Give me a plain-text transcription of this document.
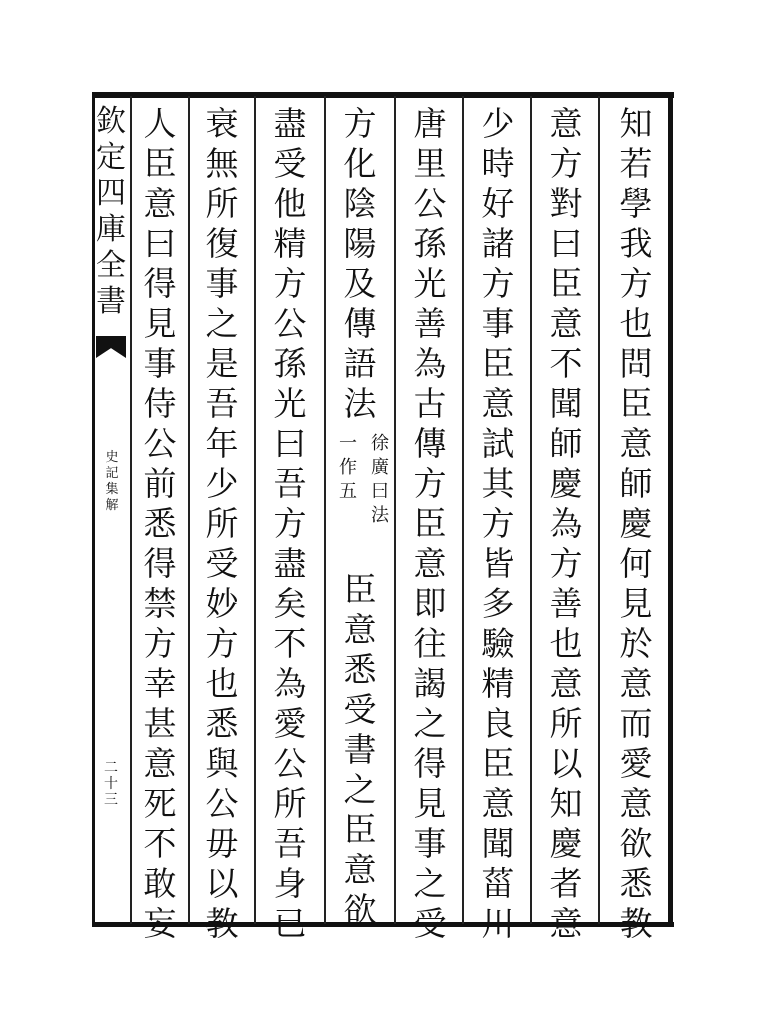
欽
定
四
庫
全
書
史
記
集
解
二
十
三
知
若
學
我
方
也
問
臣
意
師
慶
何
見
於
意
而
愛
意
欲
悉
教
意
方
對
曰
臣
意
不
聞
師
慶
為
方
善
也
意
所
以
知
慶
者
意
少
時
好
諸
方
事
臣
意
試
其
方
皆
多
驗
精
良
臣
意
聞
菑
川
唐
里
公
孫
光
善
為
古
傳
方
臣
意
即
往
謁
之
得
見
事
之
受
方
化
陰
陽
及
傳
語
法
徐
廣
曰
法
一
作
五
臣
意
悉
受
書
之
臣
意
欲
盡
受
他
精
方
公
孫
光
曰
吾
方
盡
矣
不
為
愛
公
所
吾
身
已
衰
無
所
復
事
之
是
吾
年
少
所
受
妙
方
也
悉
與
公
毋
以
教
人
臣
意
曰
得
見
事
侍
公
前
悉
得
禁
方
幸
甚
意
死
不
敢
妄
